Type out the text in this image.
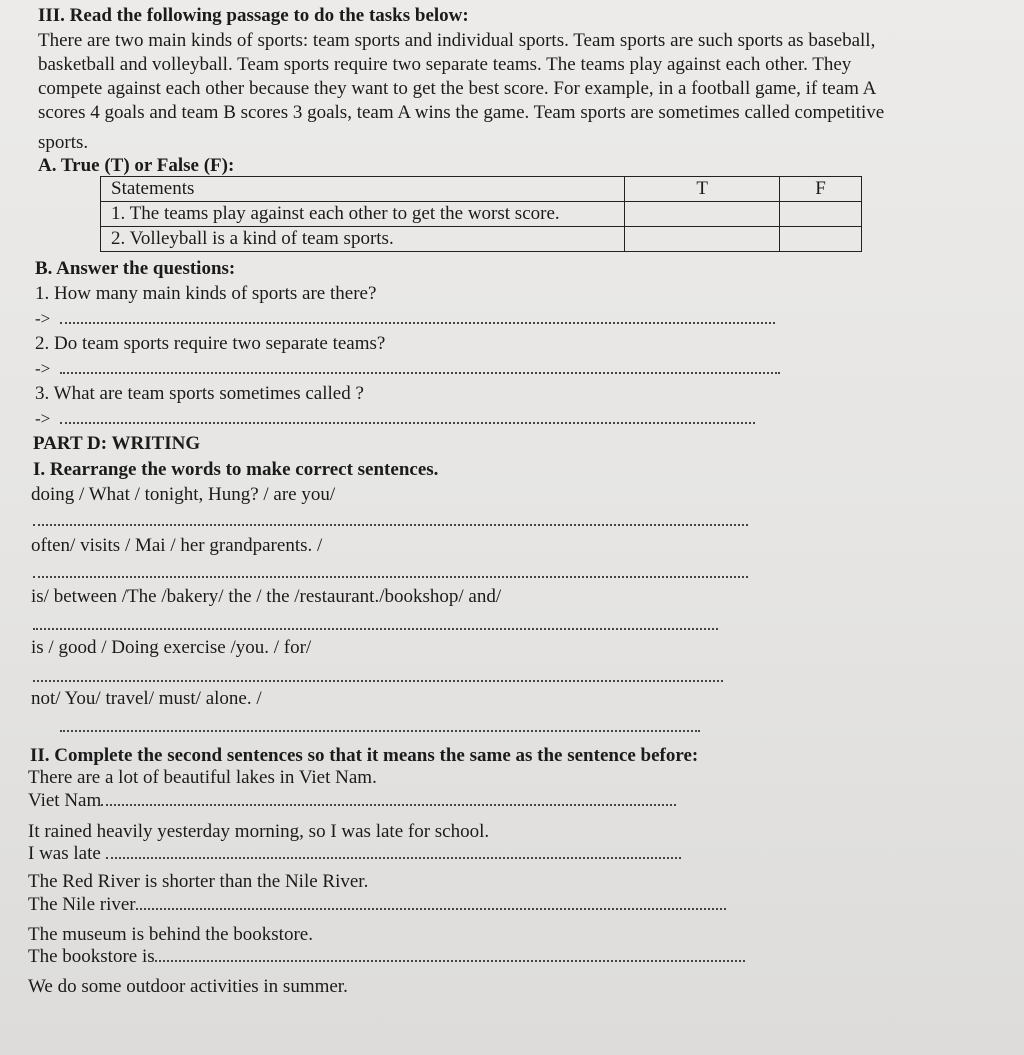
III. Read the following passage to do the tasks below:
There are two main kinds of sports: team sports and individual sports. Team sports are such sports as baseball,
basketball and volleyball. Team sports require two separate teams. The teams play against each other. They
compete against each other because they want to get the best score. For example, in a football game, if team A
scores 4 goals and team B scores 3 goals, team A wins the game. Team sports are sometimes called competitive
sports.
A. True (T) or False (F):
Statements	T	F
1. The teams play against each other to get the worst score.		
2. Volleyball is a kind of team sports.		
B. Answer the questions:
1. How many main kinds of sports are there?
->
2. Do team sports require two separate teams?
->
3. What are team sports sometimes called ?
->
PART D: WRITING
I. Rearrange the words to make correct sentences.
doing / What / tonight, Hung? / are you/
often/ visits / Mai / her grandparents. /
is/ between /The /bakery/ the / the /restaurant./bookshop/ and/
is / good / Doing exercise /you. / for/
not/ You/ travel/ must/ alone. /
II. Complete the second sentences so that it means the same as the sentence before:
There are a lot of beautiful lakes in Viet Nam.
Viet Nam
It rained heavily yesterday morning, so I was late for school.
I was late
The Red River is shorter than the Nile River.
The Nile river
The museum is behind the bookstore.
The bookstore is
We do some outdoor activities in summer.
